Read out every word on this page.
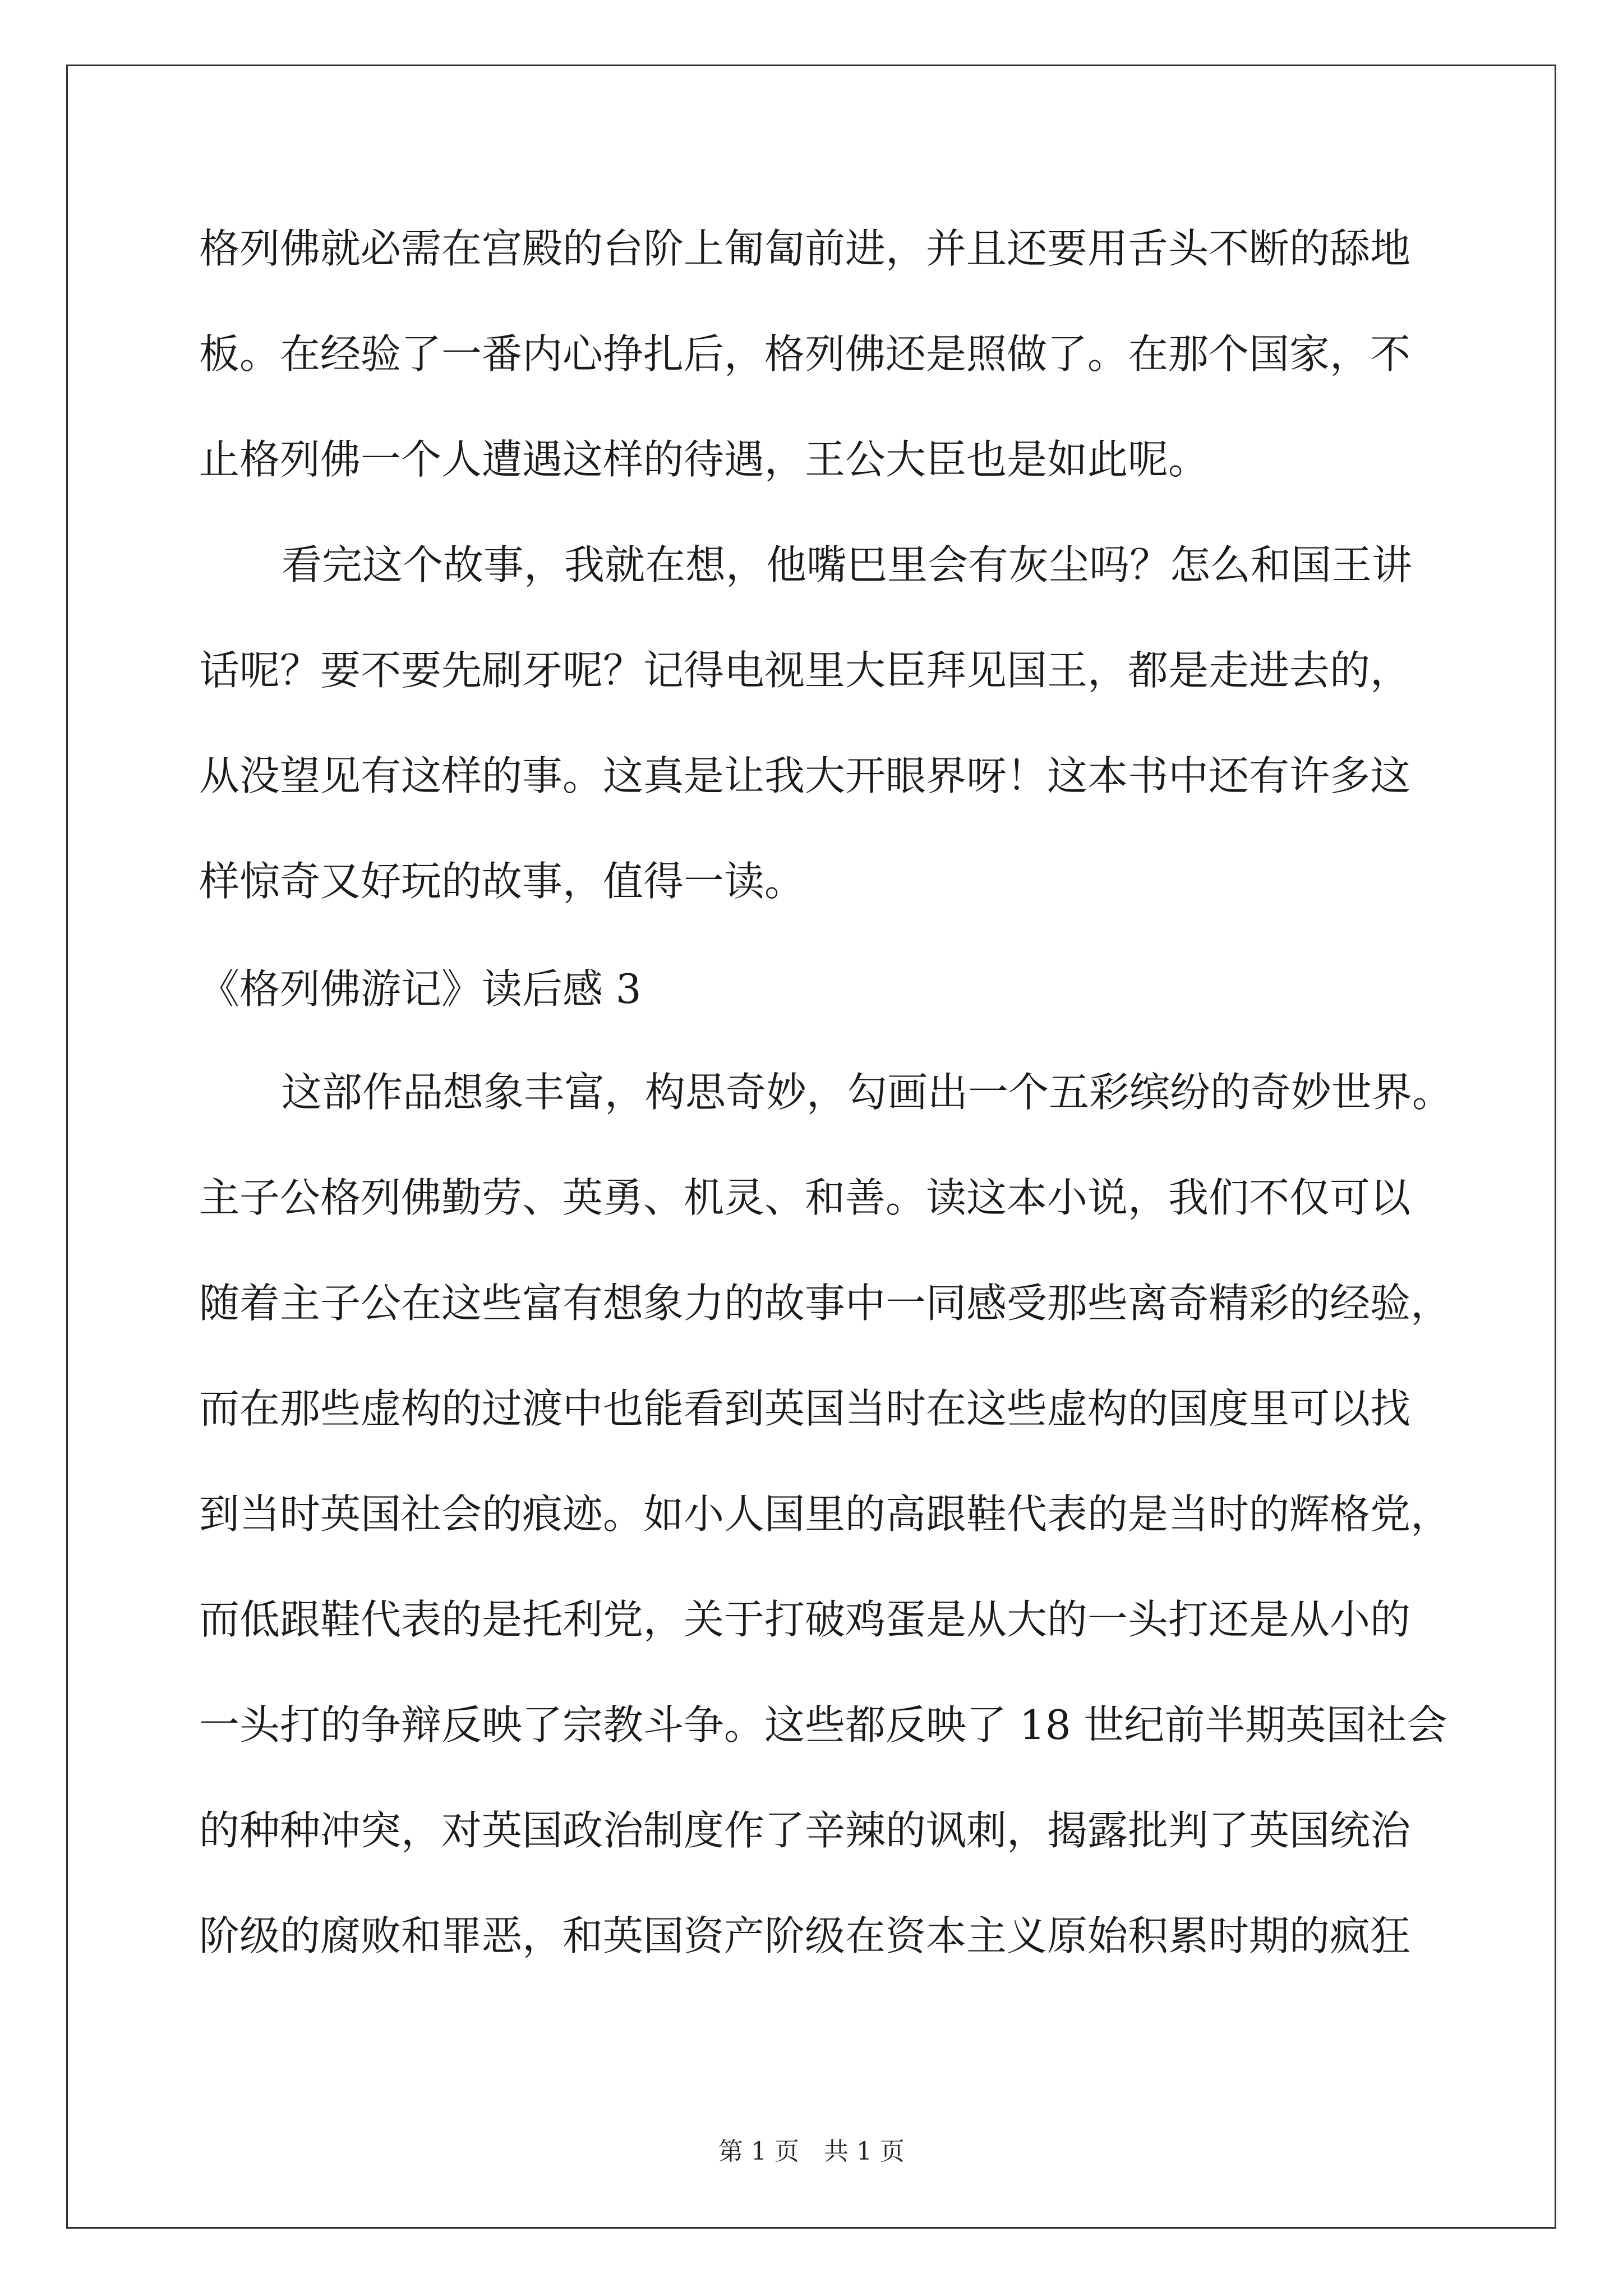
格列佛就必需在宫殿的台阶上匍匐前进，并且还要用舌头不断的舔地
板。在经验了一番内心挣扎后，格列佛还是照做了。在那个国家，不
止格列佛一个人遭遇这样的待遇，王公大臣也是如此呢。
看完这个故事，我就在想，他嘴巴里会有灰尘吗？怎么和国王讲
话呢？要不要先刷牙呢？记得电视里大臣拜见国王，都是走进去的，
从没望见有这样的事。这真是让我大开眼界呀！这本书中还有许多这
样惊奇又好玩的故事，值得一读。
《格列佛游记》读后感 3
这部作品想象丰富，构思奇妙，勾画出一个五彩缤纷的奇妙世界。
主子公格列佛勤劳、英勇、机灵、和善。读这本小说，我们不仅可以
随着主子公在这些富有想象力的故事中一同感受那些离奇精彩的经验，
而在那些虚构的过渡中也能看到英国当时在这些虚构的国度里可以找
到当时英国社会的痕迹。如小人国里的高跟鞋代表的是当时的辉格党，
而低跟鞋代表的是托利党，关于打破鸡蛋是从大的一头打还是从小的
一头打的争辩反映了宗教斗争。这些都反映了 18 世纪前半期英国社会
的种种冲突，对英国政治制度作了辛辣的讽刺，揭露批判了英国统治
阶级的腐败和罪恶，和英国资产阶级在资本主义原始积累时期的疯狂
第 1 页　共 1 页
